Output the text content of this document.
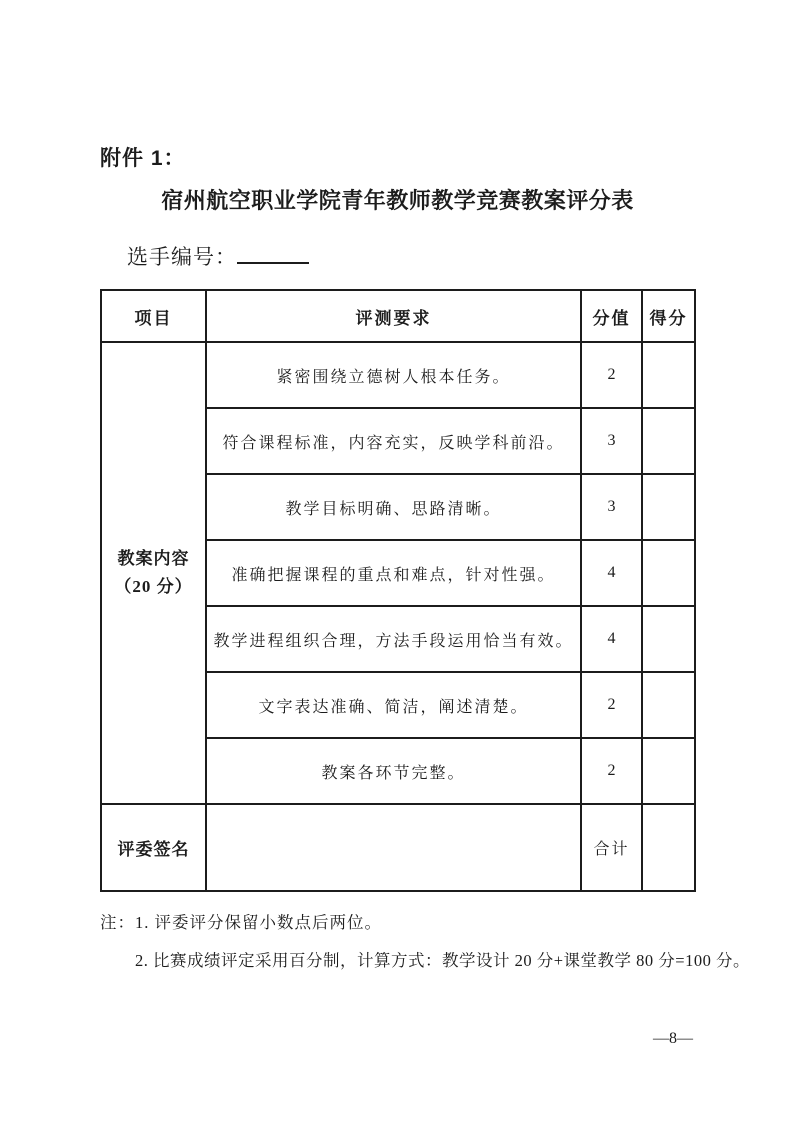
附件 1：
宿州航空职业学院青年教师教学竞赛教案评分表
选手编号：
项目	评测要求	分值	得分

教案内容
（20 分）	紧密围绕立德树人根本任务。	2	
	符合课程标准，内容充实，反映学科前沿。	3	
	教学目标明确、思路清晰。	3	
	准确把握课程的重点和难点，针对性强。	4	
	教学进程组织合理，方法手段运用恰当有效。	4	
	文字表达准确、简洁，阐述清楚。	2	
	教案各环节完整。	2	
评委签名		合计	
注：1. 评委评分保留小数点后两位。
2. 比赛成绩评定采用百分制，计算方式：教学设计 20 分+课堂教学 80 分=100 分。
—8—
